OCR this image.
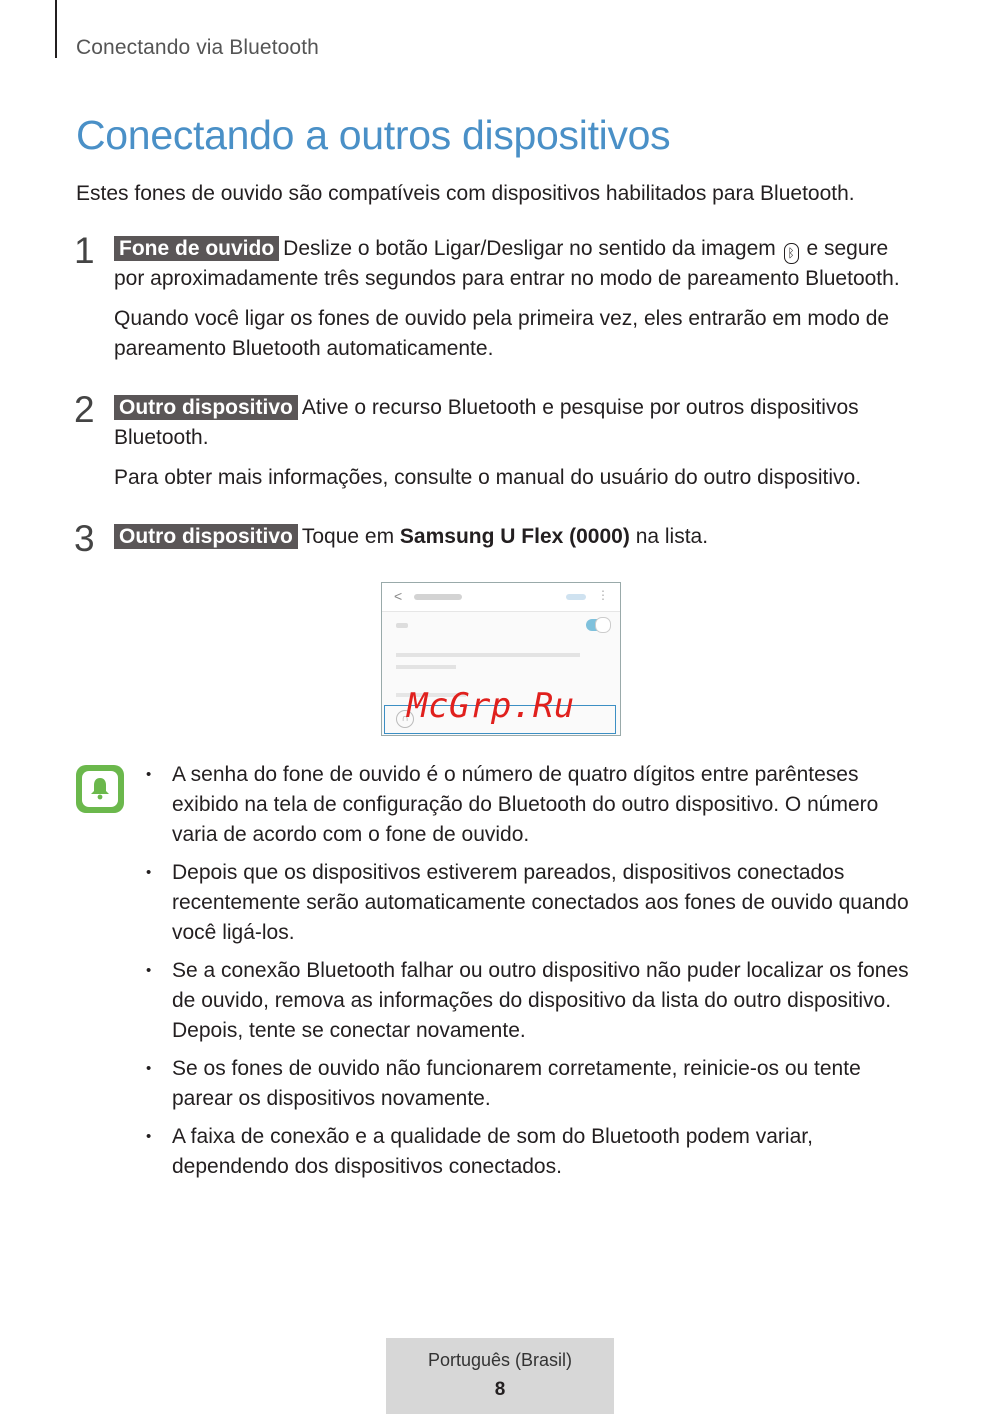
Conectando via Bluetooth
Conectando a outros dispositivos
Estes fones de ouvido são compatíveis com dispositivos habilitados para Bluetooth.
1 Fone de ouvido Deslize o botão Ligar/Desligar no sentido da imagem ᛒ e segure por aproximadamente três segundos para entrar no modo de pareamento Bluetooth.

Quando você ligar os fones de ouvido pela primeira vez, eles entrarão em modo de pareamento Bluetooth automaticamente.

2 Outro dispositivo Ative o recurso Bluetooth e pesquise por outros dispositivos Bluetooth.

Para obter mais informações, consulte o manual do usuário do outro dispositivo.

3 Outro dispositivo Toque em Samsung U Flex (0000) na lista.

<	⋮
∩
McGrp.Ru
• A senha do fone de ouvido é o número de quatro dígitos entre parênteses exibido na tela de configuração do Bluetooth do outro dispositivo. O número varia de acordo com o fone de ouvido.
• Depois que os dispositivos estiverem pareados, dispositivos conectados recentemente serão automaticamente conectados aos fones de ouvido quando você ligá-los.
• Se a conexão Bluetooth falhar ou outro dispositivo não puder localizar os fones de ouvido, remova as informações do dispositivo da lista do outro dispositivo. Depois, tente se conectar novamente.
• Se os fones de ouvido não funcionarem corretamente, reinicie-os ou tente parear os dispositivos novamente.
• A faixa de conexão e a qualidade de som do Bluetooth podem variar, dependendo dos dispositivos conectados.
Português (Brasil)
8
